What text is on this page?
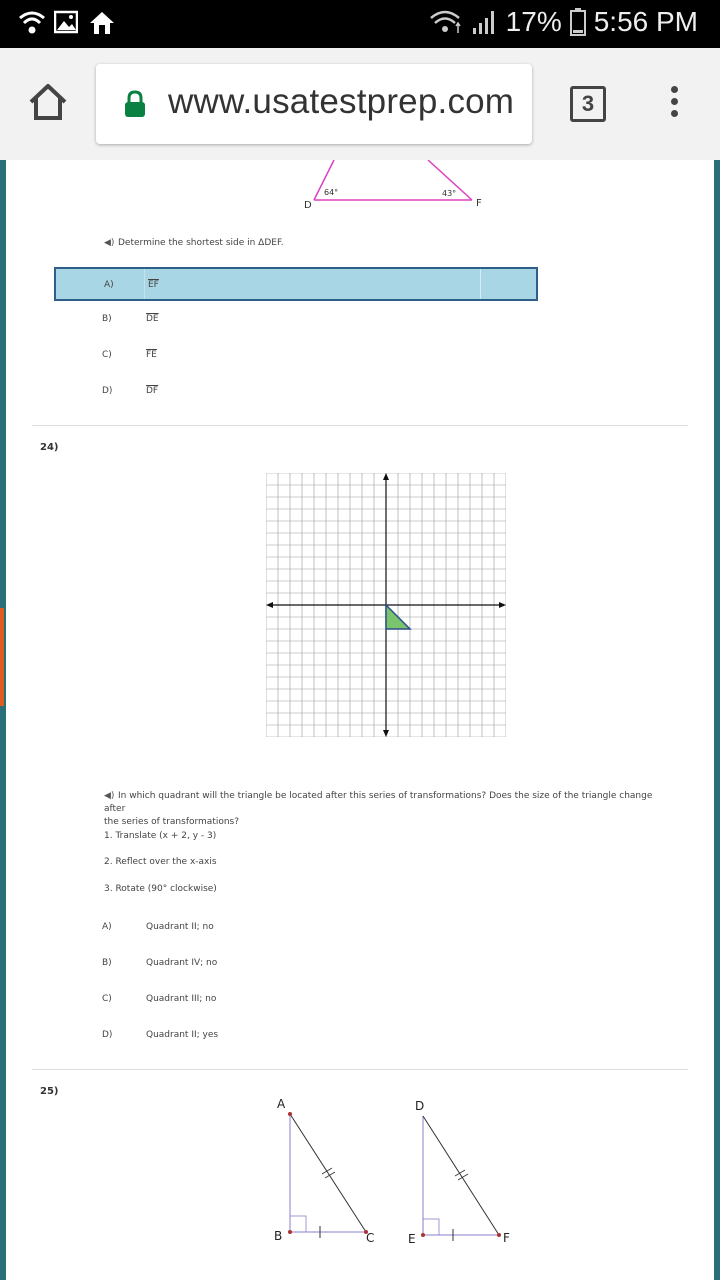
17% 5:56 PM
www.usatestprep.com	3
64°	43°
D	F
◀) Determine the shortest side in ΔDEF.
A)	$\overline{EF}$
B)	$\overline{DE}$
C)	$\overline{FE}$
D)	$\overline{DF}$
24)
◀) In which quadrant will the triangle be located after this series of transformations? Does the size of the triangle change after
the series of transformations?
1. Translate (x + 2, y - 3)
2. Reflect over the x-axis
3. Rotate (90° clockwise)
A)	Quadrant II; no
B)	Quadrant IV; no
C)	Quadrant III; no
D)	Quadrant II; yes
25)
A
B	C
D
E	F
